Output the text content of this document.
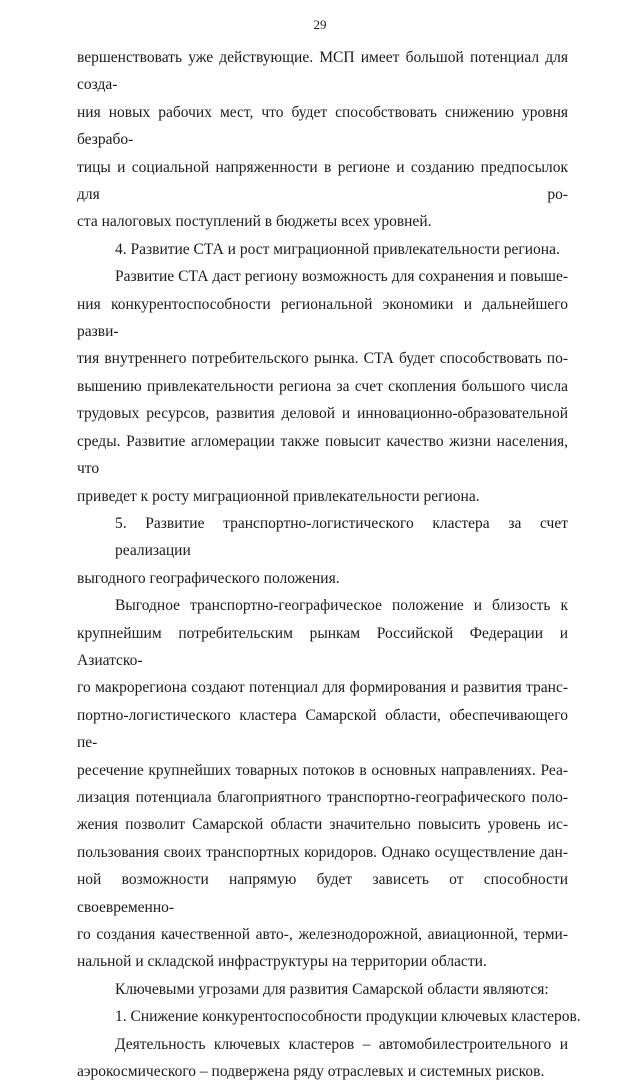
29
вершенствовать уже действующие. МСП имеет большой потенциал для созда-
ния новых рабочих мест, что будет способствовать снижению уровня безрабо-
тицы и социальной напряженности в регионе и созданию предпосылок для ро-
ста налоговых поступлений в бюджеты всех уровней.
4. Развитие СТА и рост миграционной привлекательности региона.
Развитие СТА даст региону возможность для сохранения и повыше-
ния конкурентоспособности региональной экономики и дальнейшего разви-
тия внутреннего потребительского рынка. СТА будет способствовать по-
вышению привлекательности региона за счет скопления большого числа
трудовых ресурсов, развития деловой и инновационно-образовательной
среды. Развитие агломерации также повысит качество жизни населения, что
приведет к росту миграционной привлекательности региона.
5. Развитие транспортно-логистического кластера за счет реализации
выгодного географического положения.
Выгодное транспортно-географическое положение и близость к
крупнейшим потребительским рынкам Российской Федерации и Азиатско-
го макрорегиона создают потенциал для формирования и развития транс-
портно-логистического кластера Самарской области, обеспечивающего пе-
ресечение крупнейших товарных потоков в основных направлениях. Реа-
лизация потенциала благоприятного транспортно-географического поло-
жения позволит Самарской области значительно повысить уровень ис-
пользования своих транспортных коридоров. Однако осуществление дан-
ной возможности напрямую будет зависеть от способности своевременно-
го создания качественной авто-, железнодорожной, авиационной, терми-
нальной и складской инфраструктуры на территории области.
Ключевыми угрозами для развития Самарской области являются:
1. Снижение конкурентоспособности продукции ключевых кластеров.
Деятельность ключевых кластеров – автомобилестроительного и
аэрокосмического – подвержена ряду отраслевых и системных рисков.
